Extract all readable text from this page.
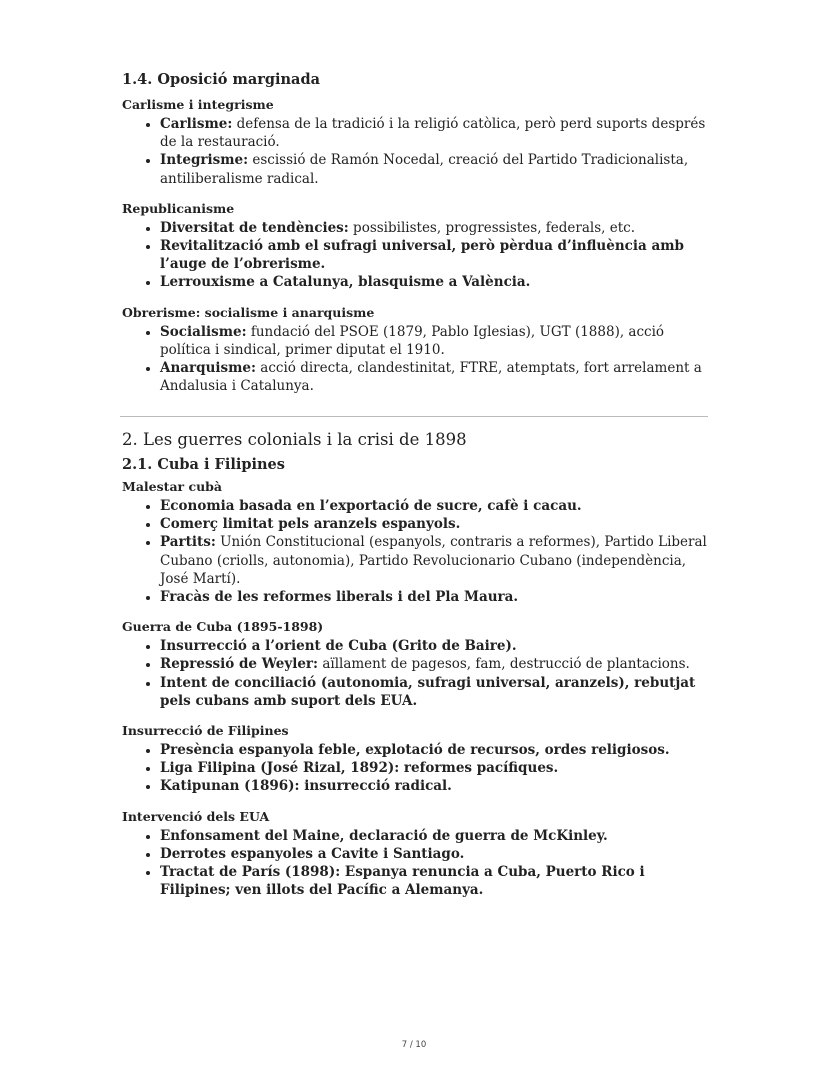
1.4. Oposició marginada
Carlisme i integrisme
• Carlisme: defensa de la tradició i la religió catòlica, però perd suports després de la restauració.
• Integrisme: escissió de Ramón Nocedal, creació del Partido Tradicionalista, antiliberalisme radical.
Republicanisme
• Diversitat de tendències: possibilistes, progressistes, federals, etc.
• Revitalització amb el sufragi universal, però pèrdua d’influència amb l’auge de l’obrerisme.
• Lerrouxisme a Catalunya, blasquisme a València.
Obrerisme: socialisme i anarquisme
• Socialisme: fundació del PSOE (1879, Pablo Iglesias), UGT (1888), acció política i sindical, primer diputat el 1910.
• Anarquisme: acció directa, clandestinitat, FTRE, atemptats, fort arrelament a Andalusia i Catalunya.
2. Les guerres colonials i la crisi de 1898
2.1. Cuba i Filipines
Malestar cubà
• Economia basada en l’exportació de sucre, cafè i cacau.
• Comerç limitat pels aranzels espanyols.
• Partits: Unión Constitucional (espanyols, contraris a reformes), Partido Liberal Cubano (criolls, autonomia), Partido Revolucionario Cubano (independència, José Martí).
• Fracàs de les reformes liberals i del Pla Maura.
Guerra de Cuba (1895-1898)
• Insurrecció a l’orient de Cuba (Grito de Baire).
• Repressió de Weyler: aïllament de pagesos, fam, destrucció de plantacions.
• Intent de conciliació (autonomia, sufragi universal, aranzels), rebutjat pels cubans amb suport dels EUA.
Insurrecció de Filipines
• Presència espanyola feble, explotació de recursos, ordes religiosos.
• Liga Filipina (José Rizal, 1892): reformes pacífiques.
• Katipunan (1896): insurrecció radical.
Intervenció dels EUA
• Enfonsament del Maine, declaració de guerra de McKinley.
• Derrotes espanyoles a Cavite i Santiago.
• Tractat de París (1898): Espanya renuncia a Cuba, Puerto Rico i Filipines; ven illots del Pacífic a Alemanya.
7 / 10
